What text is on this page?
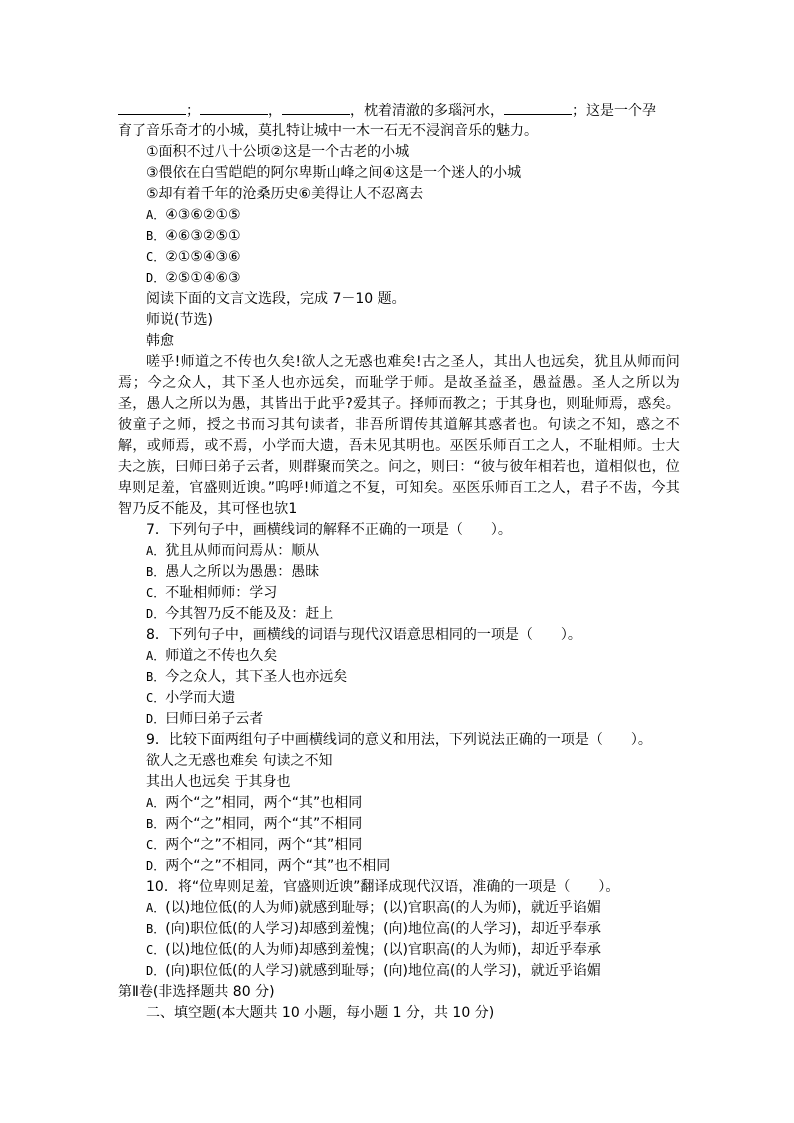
；	，	，枕着清澈的多瑙河水，	；这是一个孕
育了音乐奇才的小城，莫扎特让城中一木一石无不浸润音乐的魅力。
①面积不过八十公顷②这是一个古老的小城
③偎依在白雪皑皑的阿尔卑斯山峰之间④这是一个迷人的小城
⑤却有着千年的沧桑历史⑥美得让人不忍离去
A．④③⑥②①⑤
B．④⑥③②⑤①
C．②①⑤④③⑥
D．②⑤①④⑥③
阅读下面的文言文选段，完成 7－10 题。
师说(节选)
韩愈
嗟乎!师道之不传也久矣!欲人之无惑也难矣!古之圣人，其出人也远矣，犹且从师而问焉；今之众人，其下圣人也亦远矣，而耻学于师。是故圣益圣，愚益愚。圣人之所以为圣，愚人之所以为愚，其皆出于此乎?爱其子。择师而教之；于其身也，则耻师焉，惑矣。彼童子之师，授之书而习其句读者，非吾所谓传其道解其惑者也。句读之不知，惑之不解，或师焉，或不焉，小学而大遗，吾未见其明也。巫医乐师百工之人，不耻相师。士大夫之族，曰师曰弟子云者，则群聚而笑之。问之，则曰：“彼与彼年相若也，道相似也，位卑则足羞，官盛则近谀。”呜呼!师道之不复，可知矣。巫医乐师百工之人，君子不齿，今其智乃反不能及，其可怪也欤1
7．下列句子中，画横线词的解释不正确的一项是（　　）。
A．犹且从师而问焉从：顺从
B．愚人之所以为愚愚：愚昧
C．不耻相师师：学习
D．今其智乃反不能及及：赶上
8．下列句子中，画横线的词语与现代汉语意思相同的一项是（　　）。
A．师道之不传也久矣
B．今之众人，其下圣人也亦远矣
C．小学而大遗
D．曰师曰弟子云者
9．比较下面两组句子中画横线词的意义和用法，下列说法正确的一项是（　　）。
欲人之无惑也难矣 句读之不知
其出人也远矣 于其身也
A．两个“之”相同，两个“其”也相同
B．两个“之”相同，两个“其”不相同
C．两个“之”不相同，两个“其”相同
D．两个“之”不相同，两个“其”也不相同
10．将“位卑则足羞，官盛则近谀”翻译成现代汉语，准确的一项是（　　）。
A．(以)地位低(的人为师)就感到耻辱；(以)官职高(的人为师)，就近乎谄媚
B．(向)职位低(的人学习)却感到羞愧；(向)地位高(的人学习)，却近乎奉承
C．(以)地位低(的人为师)却感到羞愧；(以)官职高(的人为师)，却近乎奉承
D．(向)职位低(的人学习)就感到耻辱；(向)地位高(的人学习)，就近乎谄媚
第Ⅱ卷(非选择题共 80 分)
二、填空题(本大题共 10 小题，每小题 1 分，共 10 分)
